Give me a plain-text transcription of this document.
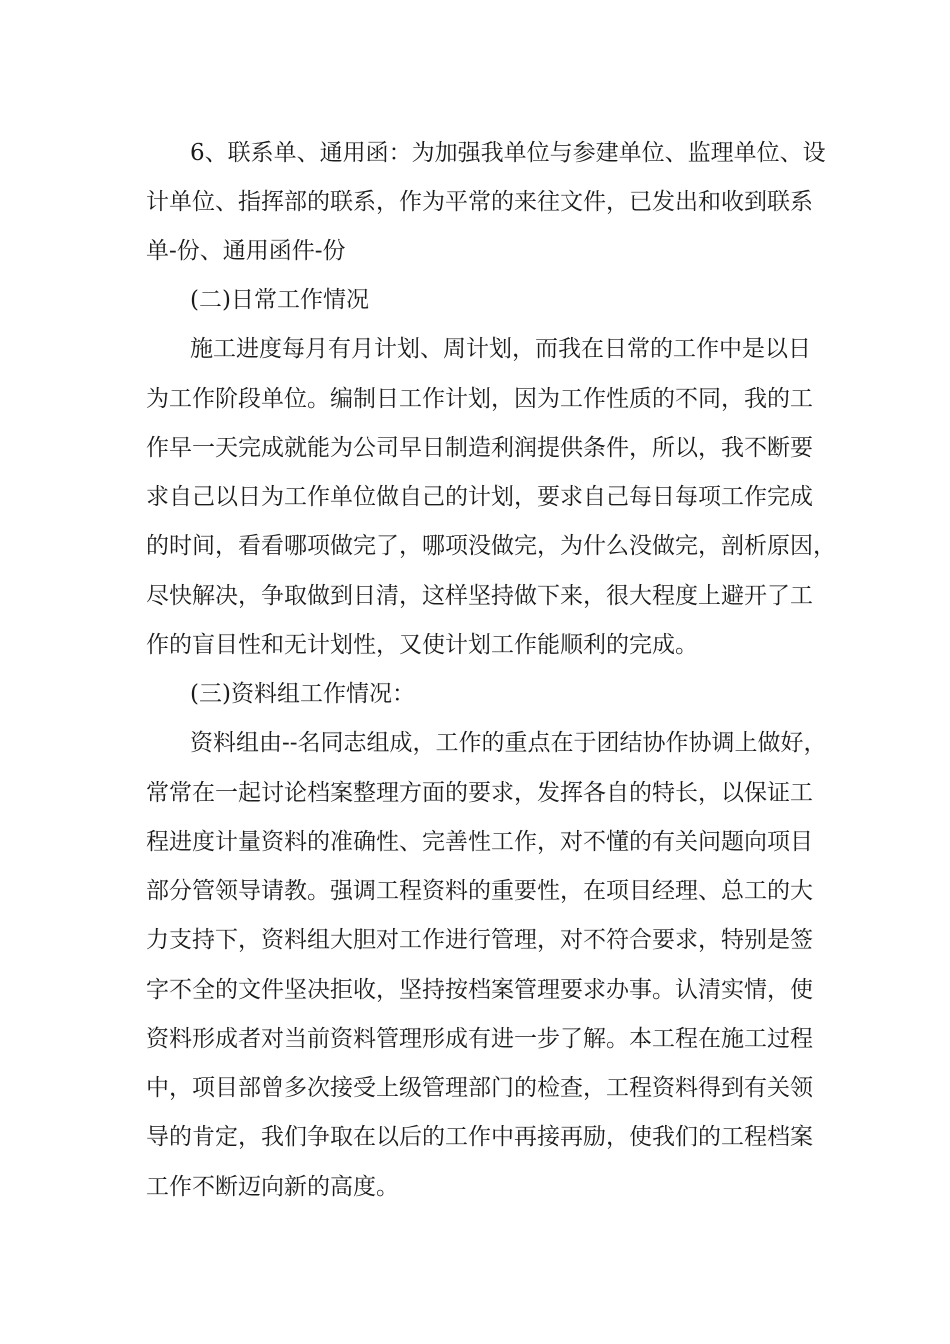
6、联系单、通用函：为加强我单位与参建单位、监理单位、设
计单位、指挥部的联系，作为平常的来往文件，已发出和收到联系
单-份、通用函件-份
(二)日常工作情况
施工进度每月有月计划、周计划，而我在日常的工作中是以日
为工作阶段单位。编制日工作计划，因为工作性质的不同，我的工
作早一天完成就能为公司早日制造利润提供条件，所以，我不断要
求自己以日为工作单位做自己的计划，要求自己每日每项工作完成
的时间，看看哪项做完了，哪项没做完，为什么没做完，剖析原因，
尽快解决，争取做到日清，这样坚持做下来，很大程度上避开了工
作的盲目性和无计划性，又使计划工作能顺利的完成。
(三)资料组工作情况：
资料组由--名同志组成，工作的重点在于团结协作协调上做好，
常常在一起讨论档案整理方面的要求，发挥各自的特长，以保证工
程进度计量资料的准确性、完善性工作，对不懂的有关问题向项目
部分管领导请教。强调工程资料的重要性，在项目经理、总工的大
力支持下，资料组大胆对工作进行管理，对不符合要求，特别是签
字不全的文件坚决拒收，坚持按档案管理要求办事。认清实情，使
资料形成者对当前资料管理形成有进一步了解。本工程在施工过程
中，项目部曾多次接受上级管理部门的检查，工程资料得到有关领
导的肯定，我们争取在以后的工作中再接再励，使我们的工程档案
工作不断迈向新的高度。
